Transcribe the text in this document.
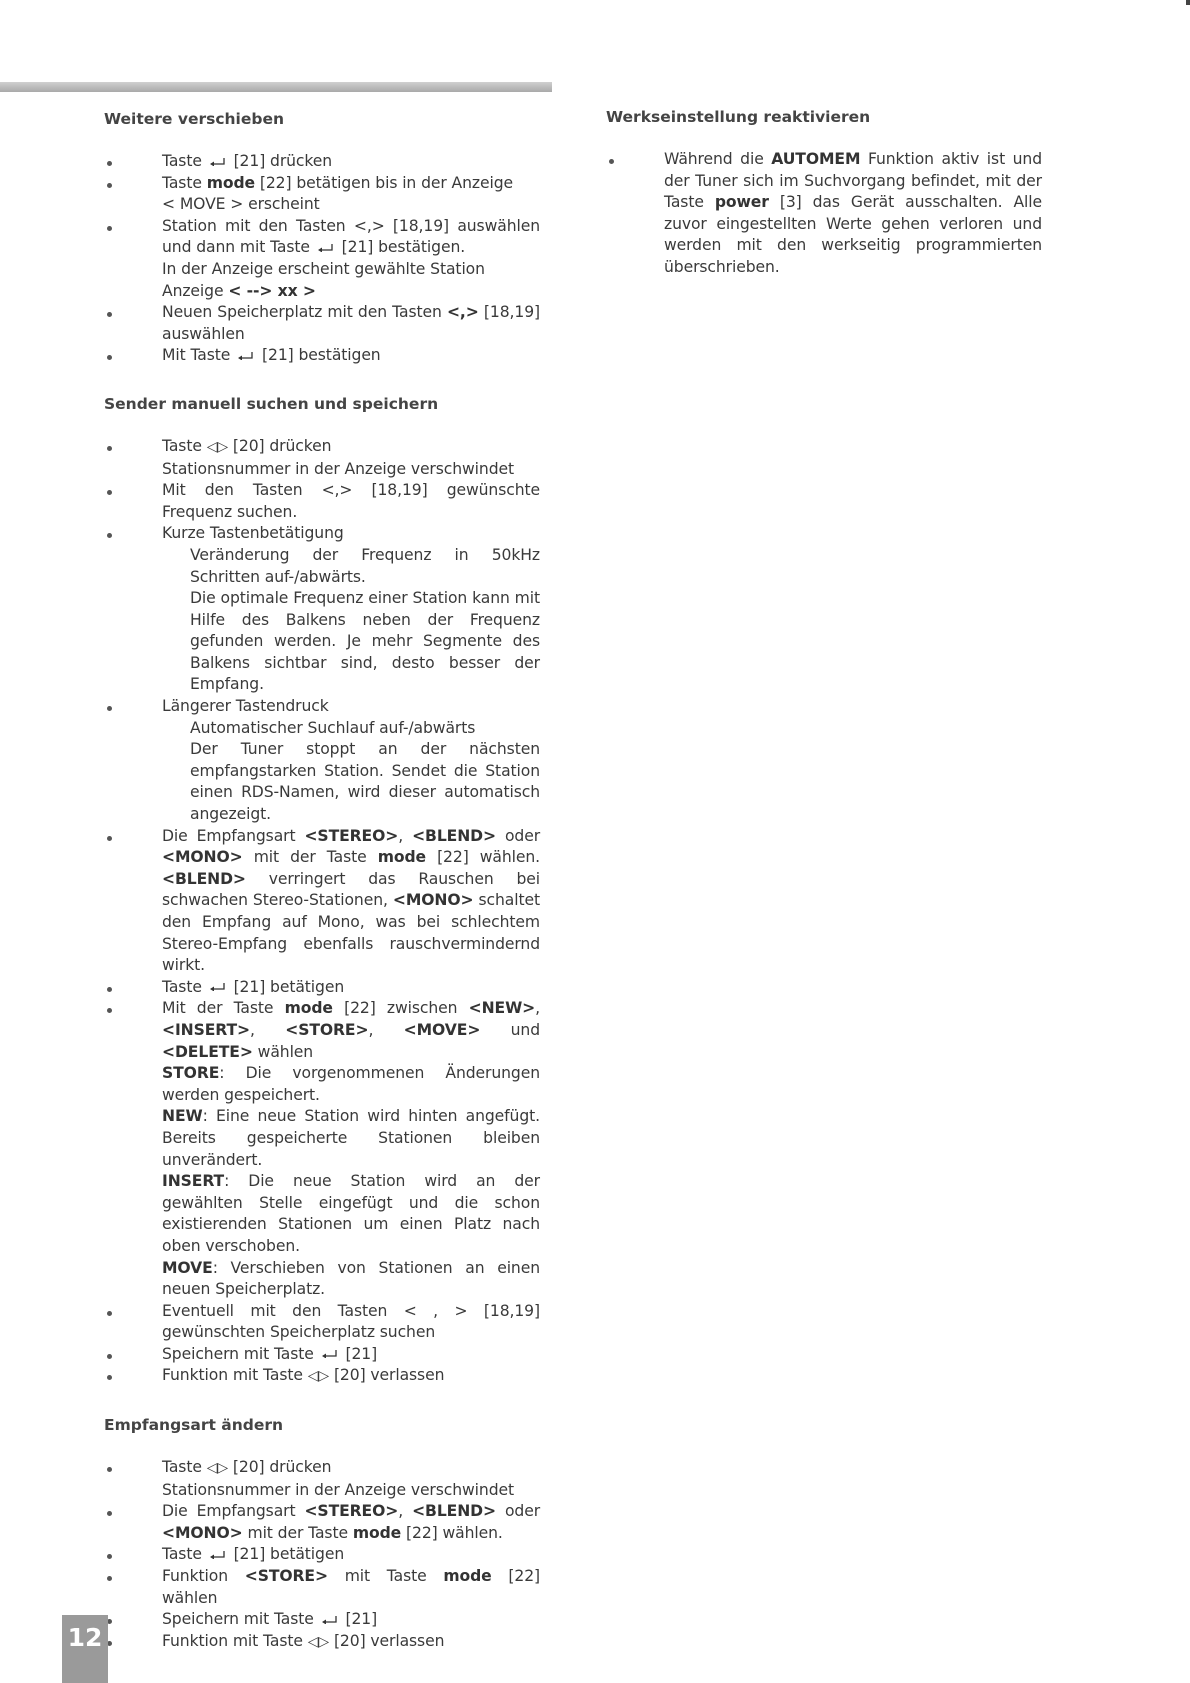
Weitere verschieben
Taste [21] drücken
Taste mode [22] betätigen bis in der Anzeige
< MOVE > erscheint
Station mit den Tasten <,> [18,19] auswählen und dann mit Taste [21] bestätigen.
In der Anzeige erscheint gewählte Station
Anzeige < --> xx >
Neuen Speicherplatz mit den Tasten <,> [18,19] auswählen
Mit Taste [21] bestätigen
Sender manuell suchen und speichern
Taste ◁▷ [20] drücken
Stationsnummer in der Anzeige verschwindet
Mit den Tasten <,> [18,19] gewünschte Frequenz suchen.
Kurze Tastenbetätigung
Veränderung der Frequenz in 50kHz Schritten auf-/abwärts.
Die optimale Frequenz einer Station kann mit Hilfe des Balkens neben der Frequenz gefunden werden. Je mehr Segmente des Balkens sichtbar sind, desto besser der Empfang.
Längerer Tastendruck
Automatischer Suchlauf auf-/abwärts
Der Tuner stoppt an der nächsten empfangstarken Station. Sendet die Station einen RDS-Namen, wird dieser automatisch angezeigt.
Die Empfangsart <STEREO>, <BLEND> oder <MONO> mit der Taste mode [22] wählen. <BLEND> verringert das Rauschen bei schwachen Stereo-Stationen, <MONO> schaltet den Empfang auf Mono, was bei schlechtem Stereo-Empfang ebenfalls rauschvermindernd wirkt.
Taste [21] betätigen
Mit der Taste mode [22] zwischen <NEW>, <INSERT>, <STORE>, <MOVE> und <DELETE> wählen
STORE: Die vorgenommenen Änderungen werden gespeichert.
NEW: Eine neue Station wird hinten angefügt. Bereits gespeicherte Stationen bleiben unverändert.
INSERT: Die neue Station wird an der gewählten Stelle eingefügt und die schon existierenden Stationen um einen Platz nach oben verschoben.
MOVE: Verschieben von Stationen an einen neuen Speicherplatz.
Eventuell mit den Tasten < , > [18,19] gewünschten Speicherplatz suchen
Speichern mit Taste [21]
Funktion mit Taste ◁▷ [20] verlassen
Empfangsart ändern
Taste ◁▷ [20] drücken
Stationsnummer in der Anzeige verschwindet
Die Empfangsart <STEREO>, <BLEND> oder <MONO> mit der Taste mode [22] wählen.
Taste [21] betätigen
Funktion <STORE> mit Taste mode [22] wählen
Speichern mit Taste [21]
Funktion mit Taste ◁▷ [20] verlassen
Werkseinstellung reaktivieren
Während die AUTOMEM Funktion aktiv ist und der Tuner sich im Suchvorgang befindet, mit der Taste power [3] das Gerät ausschalten. Alle zuvor eingestellten Werte gehen verloren und werden mit den werkseitig programmierten überschrieben.
12
